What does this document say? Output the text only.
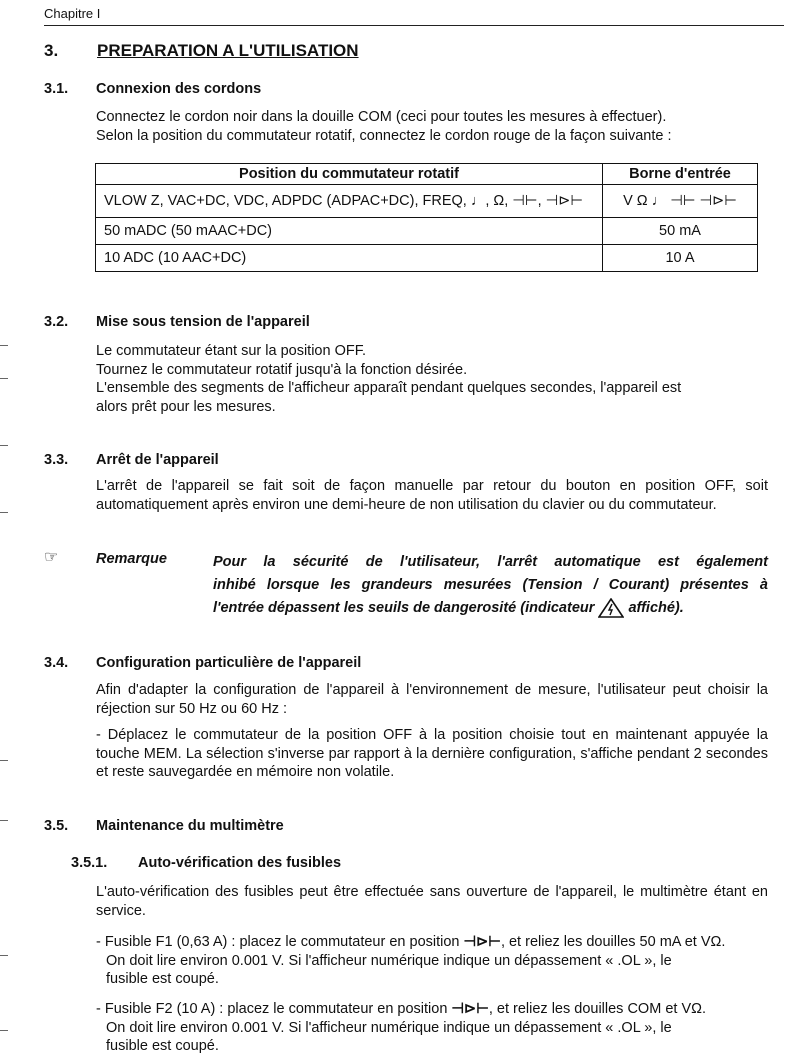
Chapitre I
3. PREPARATION A L'UTILISATION
3.1. Connexion des cordons
Connectez le cordon noir dans la douille COM (ceci pour toutes les mesures à effectuer).
Selon la position du commutateur rotatif, connectez le cordon rouge de la façon suivante :
Position du commutateur rotatif	Borne d'entrée
VLOW Z, VAC+DC, VDC, ADPDC (ADPAC+DC), FREQ, ♩, Ω, ⊣⊢, ⊣⊳⊢	V Ω ♩ ⊣⊢ ⊣⊳⊢
50 mADC (50 mAAC+DC)	50 mA
10 ADC (10 AAC+DC)	10 A
3.2. Mise sous tension de l'appareil
Le commutateur étant sur la position OFF.
Tournez le commutateur rotatif jusqu'à la fonction désirée.
L'ensemble des segments de l'afficheur apparaît pendant quelques secondes, l'appareil est
alors prêt pour les mesures.
3.3. Arrêt de l'appareil
L'arrêt de l'appareil se fait soit de façon manuelle par retour du bouton en position OFF, soit automatiquement après environ une demi-heure de non utilisation du clavier ou du commutateur.
☞	Remarque	Pour la sécurité de l'utilisateur, l'arrêt automatique est également
inhibé lorsque les grandeurs mesurées (Tension / Courant) présentes à
l'entrée dépassent les seuils de dangerosité (indicateur affiché).
3.4. Configuration particulière de l'appareil
Afin d'adapter la configuration de l'appareil à l'environnement de mesure, l'utilisateur peut choisir la réjection sur 50 Hz ou 60 Hz :
- Déplacez le commutateur de la position OFF à la position choisie tout en maintenant appuyée la touche MEM. La sélection s'inverse par rapport à la dernière configuration, s'affiche pendant 2 secondes et reste sauvegardée en mémoire non volatile.
3.5. Maintenance du multimètre
3.5.1. Auto-vérification des fusibles
L'auto-vérification des fusibles peut être effectuée sans ouverture de l'appareil, le multimètre étant en service.
- Fusible F1 (0,63 A) : placez le commutateur en position ⊣⊳⊢, et reliez les douilles 50 mA et VΩ.
On doit lire environ 0.001 V. Si l'afficheur numérique indique un dépassement « .OL », le
fusible est coupé.
- Fusible F2 (10 A) : placez le commutateur en position ⊣⊳⊢, et reliez les douilles COM et VΩ.
On doit lire environ 0.001 V. Si l'afficheur numérique indique un dépassement « .OL », le
fusible est coupé.
